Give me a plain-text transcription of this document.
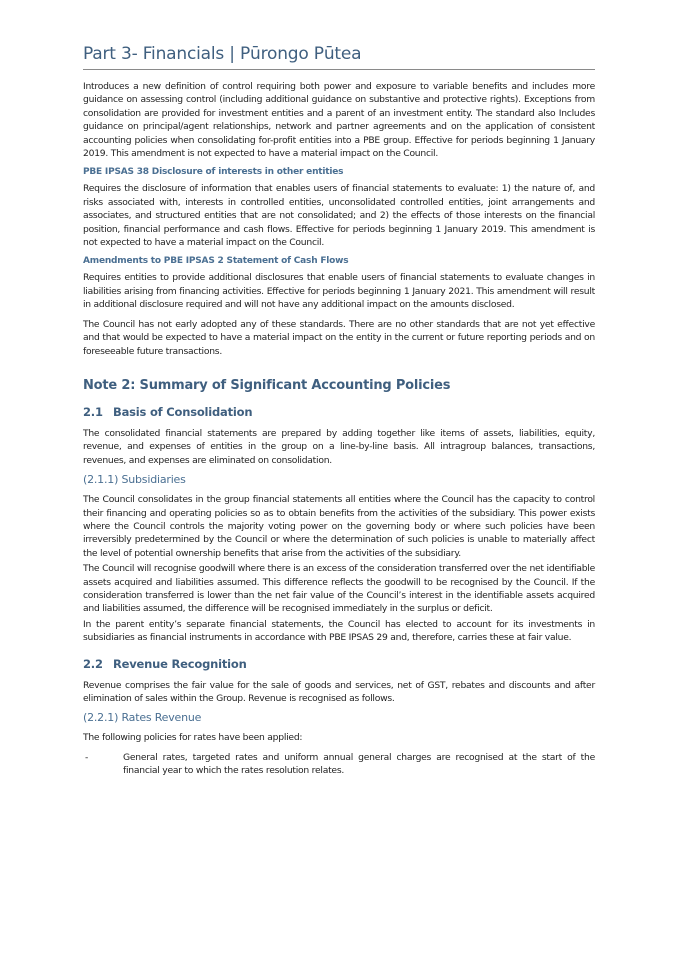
Part 3- Financials | Pūrongo Pūtea

Introduces a new definition of control requiring both power and exposure to variable benefits and includes more guidance on assessing control (including additional guidance on substantive and protective rights). Exceptions from consolidation are provided for investment entities and a parent of an investment entity. The standard also Includes guidance on principal/agent relationships, network and partner agreements and on the application of consistent accounting policies when consolidating for-profit entities into a PBE group. Effective for periods beginning 1 January 2019. This amendment is not expected to have a material impact on the Council.

PBE IPSAS 38 Disclosure of interests in other entities

Requires the disclosure of information that enables users of financial statements to evaluate: 1) the nature of, and risks associated with, interests in controlled entities, unconsolidated controlled entities, joint arrangements and associates, and structured entities that are not consolidated; and 2) the effects of those interests on the financial position, financial performance and cash flows. Effective for periods beginning 1 January 2019. This amendment is not expected to have a material impact on the Council.

Amendments to PBE IPSAS 2 Statement of Cash Flows

Requires entities to provide additional disclosures that enable users of financial statements to evaluate changes in liabilities arising from financing activities. Effective for periods beginning 1 January 2021. This amendment will result in additional disclosure required and will not have any additional impact on the amounts disclosed.

The Council has not early adopted any of these standards. There are no other standards that are not yet effective and that would be expected to have a material impact on the entity in the current or future reporting periods and on foreseeable future transactions.

Note 2: Summary of Significant Accounting Policies
2.1 Basis of Consolidation

The consolidated financial statements are prepared by adding together like items of assets, liabilities, equity, revenue, and expenses of entities in the group on a line-by-line basis. All intragroup balances, transactions, revenues, and expenses are eliminated on consolidation.

(2.1.1) Subsidiaries

The Council consolidates in the group financial statements all entities where the Council has the capacity to control their financing and operating policies so as to obtain benefits from the activities of the subsidiary. This power exists where the Council controls the majority voting power on the governing body or where such policies have been irreversibly predetermined by the Council or where the determination of such policies is unable to materially affect the level of potential ownership benefits that arise from the activities of the subsidiary.

The Council will recognise goodwill where there is an excess of the consideration transferred over the net identifiable assets acquired and liabilities assumed. This difference reflects the goodwill to be recognised by the Council. If the consideration transferred is lower than the net fair value of the Council’s interest in the identifiable assets acquired and liabilities assumed, the difference will be recognised immediately in the surplus or deficit.

In the parent entity’s separate financial statements, the Council has elected to account for its investments in subsidiaries as financial instruments in accordance with PBE IPSAS 29 and, therefore, carries these at fair value.

2.2 Revenue Recognition

Revenue comprises the fair value for the sale of goods and services, net of GST, rebates and discounts and after elimination of sales within the Group. Revenue is recognised as follows.

(2.2.1) Rates Revenue

The following policies for rates have been applied:

-	General rates, targeted rates and uniform annual general charges are recognised at the start of the financial year to which the rates resolution relates.
